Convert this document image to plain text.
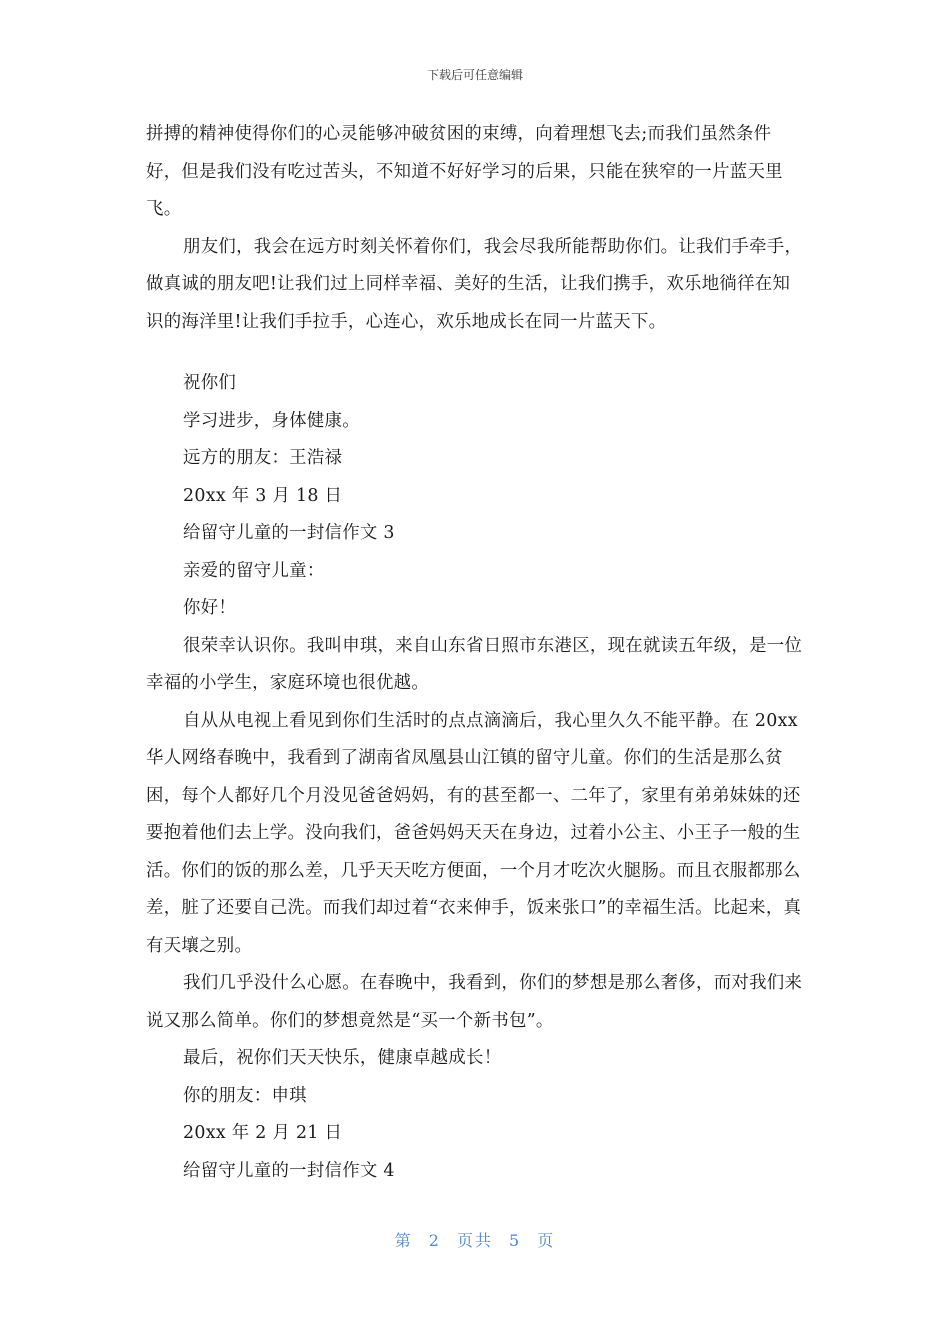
下载后可任意编辑

拼搏的精神使得你们的心灵能够冲破贫困的束缚，向着理想飞去;而我们虽然条件好，但是我们没有吃过苦头，不知道不好好学习的后果，只能在狭窄的一片蓝天里飞。

朋友们，我会在远方时刻关怀着你们，我会尽我所能帮助你们。让我们手牵手，做真诚的朋友吧!让我们过上同样幸福、美好的生活，让我们携手，欢乐地徜徉在知识的海洋里!让我们手拉手，心连心，欢乐地成长在同一片蓝天下。

祝你们

学习进步，身体健康。

远方的朋友：王浩禄

20xx 年 3 月 18 日

给留守儿童的一封信作文 3

亲爱的留守儿童：

你好！

很荣幸认识你。我叫申琪，来自山东省日照市东港区，现在就读五年级，是一位幸福的小学生，家庭环境也很优越。

自从从电视上看见到你们生活时的点点滴滴后，我心里久久不能平静。在 20xx 华人网络春晚中，我看到了湖南省凤凰县山江镇的留守儿童。你们的生活是那么贫困，每个人都好几个月没见爸爸妈妈，有的甚至都一、二年了，家里有弟弟妹妹的还要抱着他们去上学。没向我们，爸爸妈妈天天在身边，过着小公主、小王子一般的生活。你们的饭的那么差，几乎天天吃方便面，一个月才吃次火腿肠。而且衣服都那么差，脏了还要自己洗。而我们却过着“衣来伸手，饭来张口”的幸福生活。比起来，真有天壤之别。

我们几乎没什么心愿。在春晚中，我看到，你们的梦想是那么奢侈，而对我们来说又那么简单。你们的梦想竟然是“买一个新书包”。

最后，祝你们天天快乐，健康卓越成长！

你的朋友：申琪

20xx 年 2 月 21 日

给留守儿童的一封信作文 4

第 2 页共 5 页
